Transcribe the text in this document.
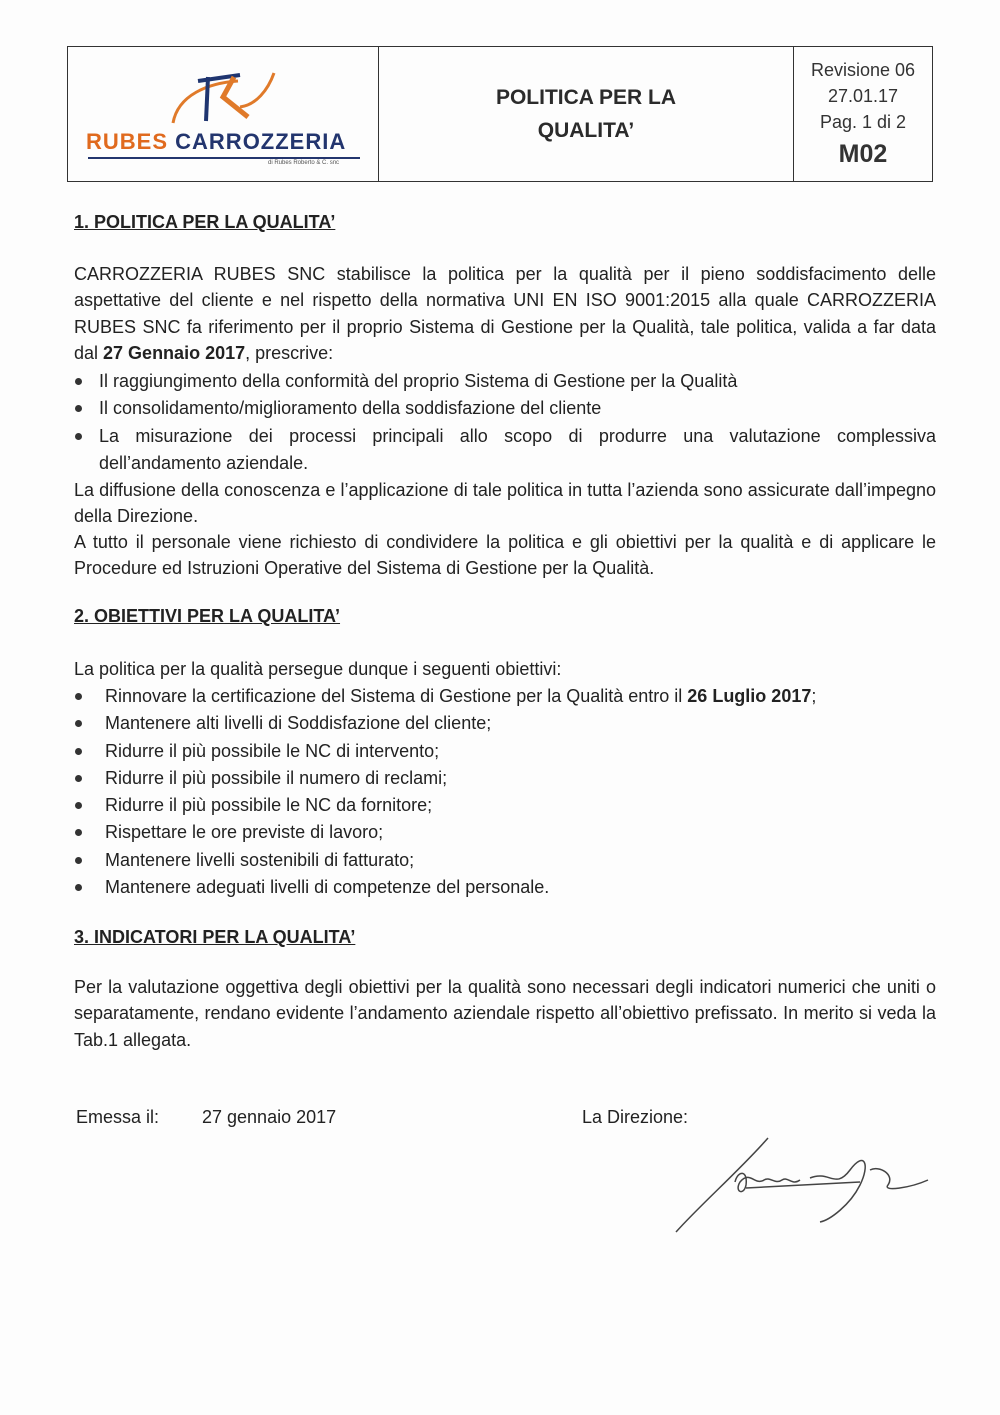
RUBES CARROZZERIA
di Rubes Roberto & C. snc
POLITICA PER LA
QUALITA’
Revisione 06
27.01.17
Pag. 1 di 2
M02
1. POLITICA PER LA QUALITA’
CARROZZERIA RUBES SNC stabilisce la politica per la qualità per il pieno soddisfacimento delle aspettative del cliente e nel rispetto della normativa UNI EN ISO 9001:2015 alla quale CARROZZERIA RUBES SNC fa riferimento per il proprio Sistema di Gestione per la Qualità, tale politica, valida a far data dal 27 Gennaio 2017, prescrive:
Il raggiungimento della conformità del proprio Sistema di Gestione per la Qualità
Il consolidamento/miglioramento della soddisfazione del cliente
La misurazione dei processi principali allo scopo di produrre una valutazione complessiva dell’andamento aziendale.
La diffusione della conoscenza e l’applicazione di tale politica in tutta l’azienda sono assicurate dall’impegno della Direzione.
A tutto il personale viene richiesto di condividere la politica e gli obiettivi per la qualità e di applicare le Procedure ed Istruzioni Operative del Sistema di Gestione per la Qualità.
2. OBIETTIVI PER LA QUALITA’
La politica per la qualità persegue dunque i seguenti obiettivi:
Rinnovare la certificazione del Sistema di Gestione per la Qualità entro il 26 Luglio 2017;
Mantenere alti livelli di Soddisfazione del cliente;
Ridurre il più possibile le NC di intervento;
Ridurre il più possibile il numero di reclami;
Ridurre il più possibile le NC da fornitore;
Rispettare le ore previste di lavoro;
Mantenere livelli sostenibili di fatturato;
Mantenere adeguati livelli di competenze del personale.
3. INDICATORI PER LA QUALITA’
Per la valutazione oggettiva degli obiettivi per la qualità sono necessari degli indicatori numerici che uniti o separatamente, rendano evidente l’andamento aziendale rispetto all’obiettivo prefissato. In merito si veda la Tab.1 allegata.
Emessa il: 27 gennaio 2017	La Direzione:
